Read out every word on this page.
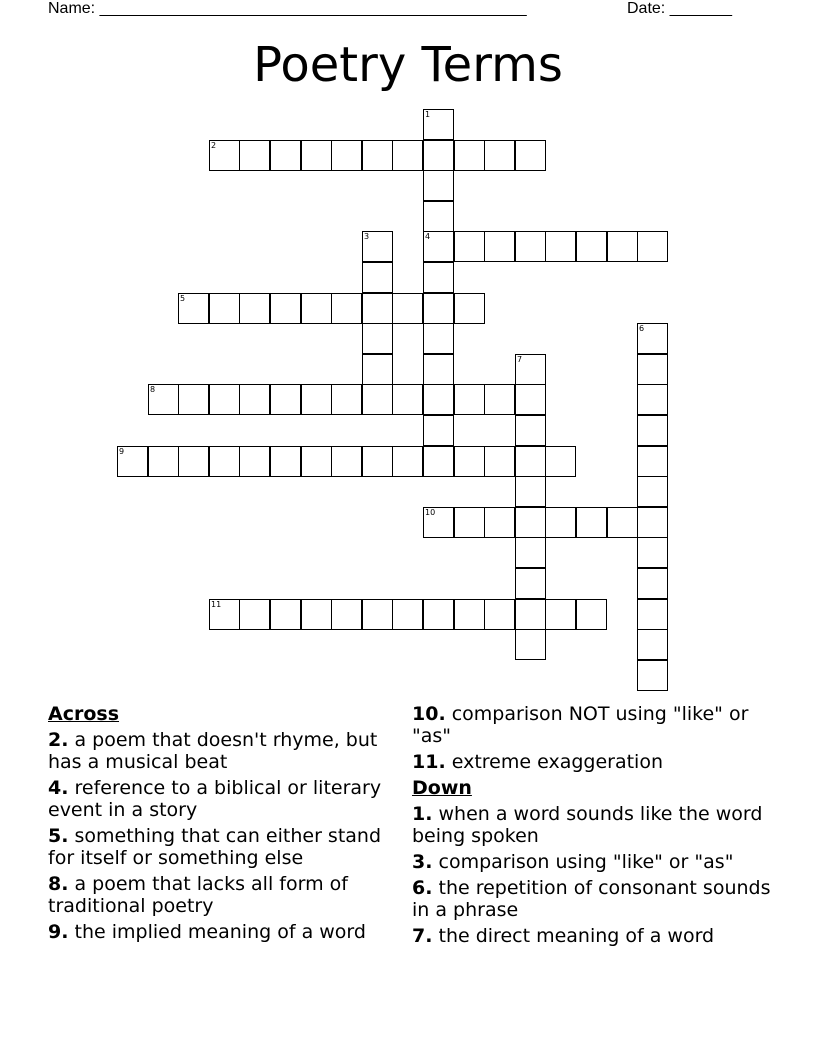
Name: ________________________________________________	Date: _______
Poetry Terms
1
2
3	4
5
6
7
8
9
10
11
Across
2. a poem that doesn't rhyme, but has a musical beat
4. reference to a biblical or literary event in a story
5. something that can either stand for itself or something else
8. a poem that lacks all form of traditional poetry
9. the implied meaning of a word
10. comparison NOT using "like" or "as"
11. extreme exaggeration
Down
1. when a word sounds like the word being spoken
3. comparison using "like" or "as"
6. the repetition of consonant sounds in a phrase
7. the direct meaning of a word
